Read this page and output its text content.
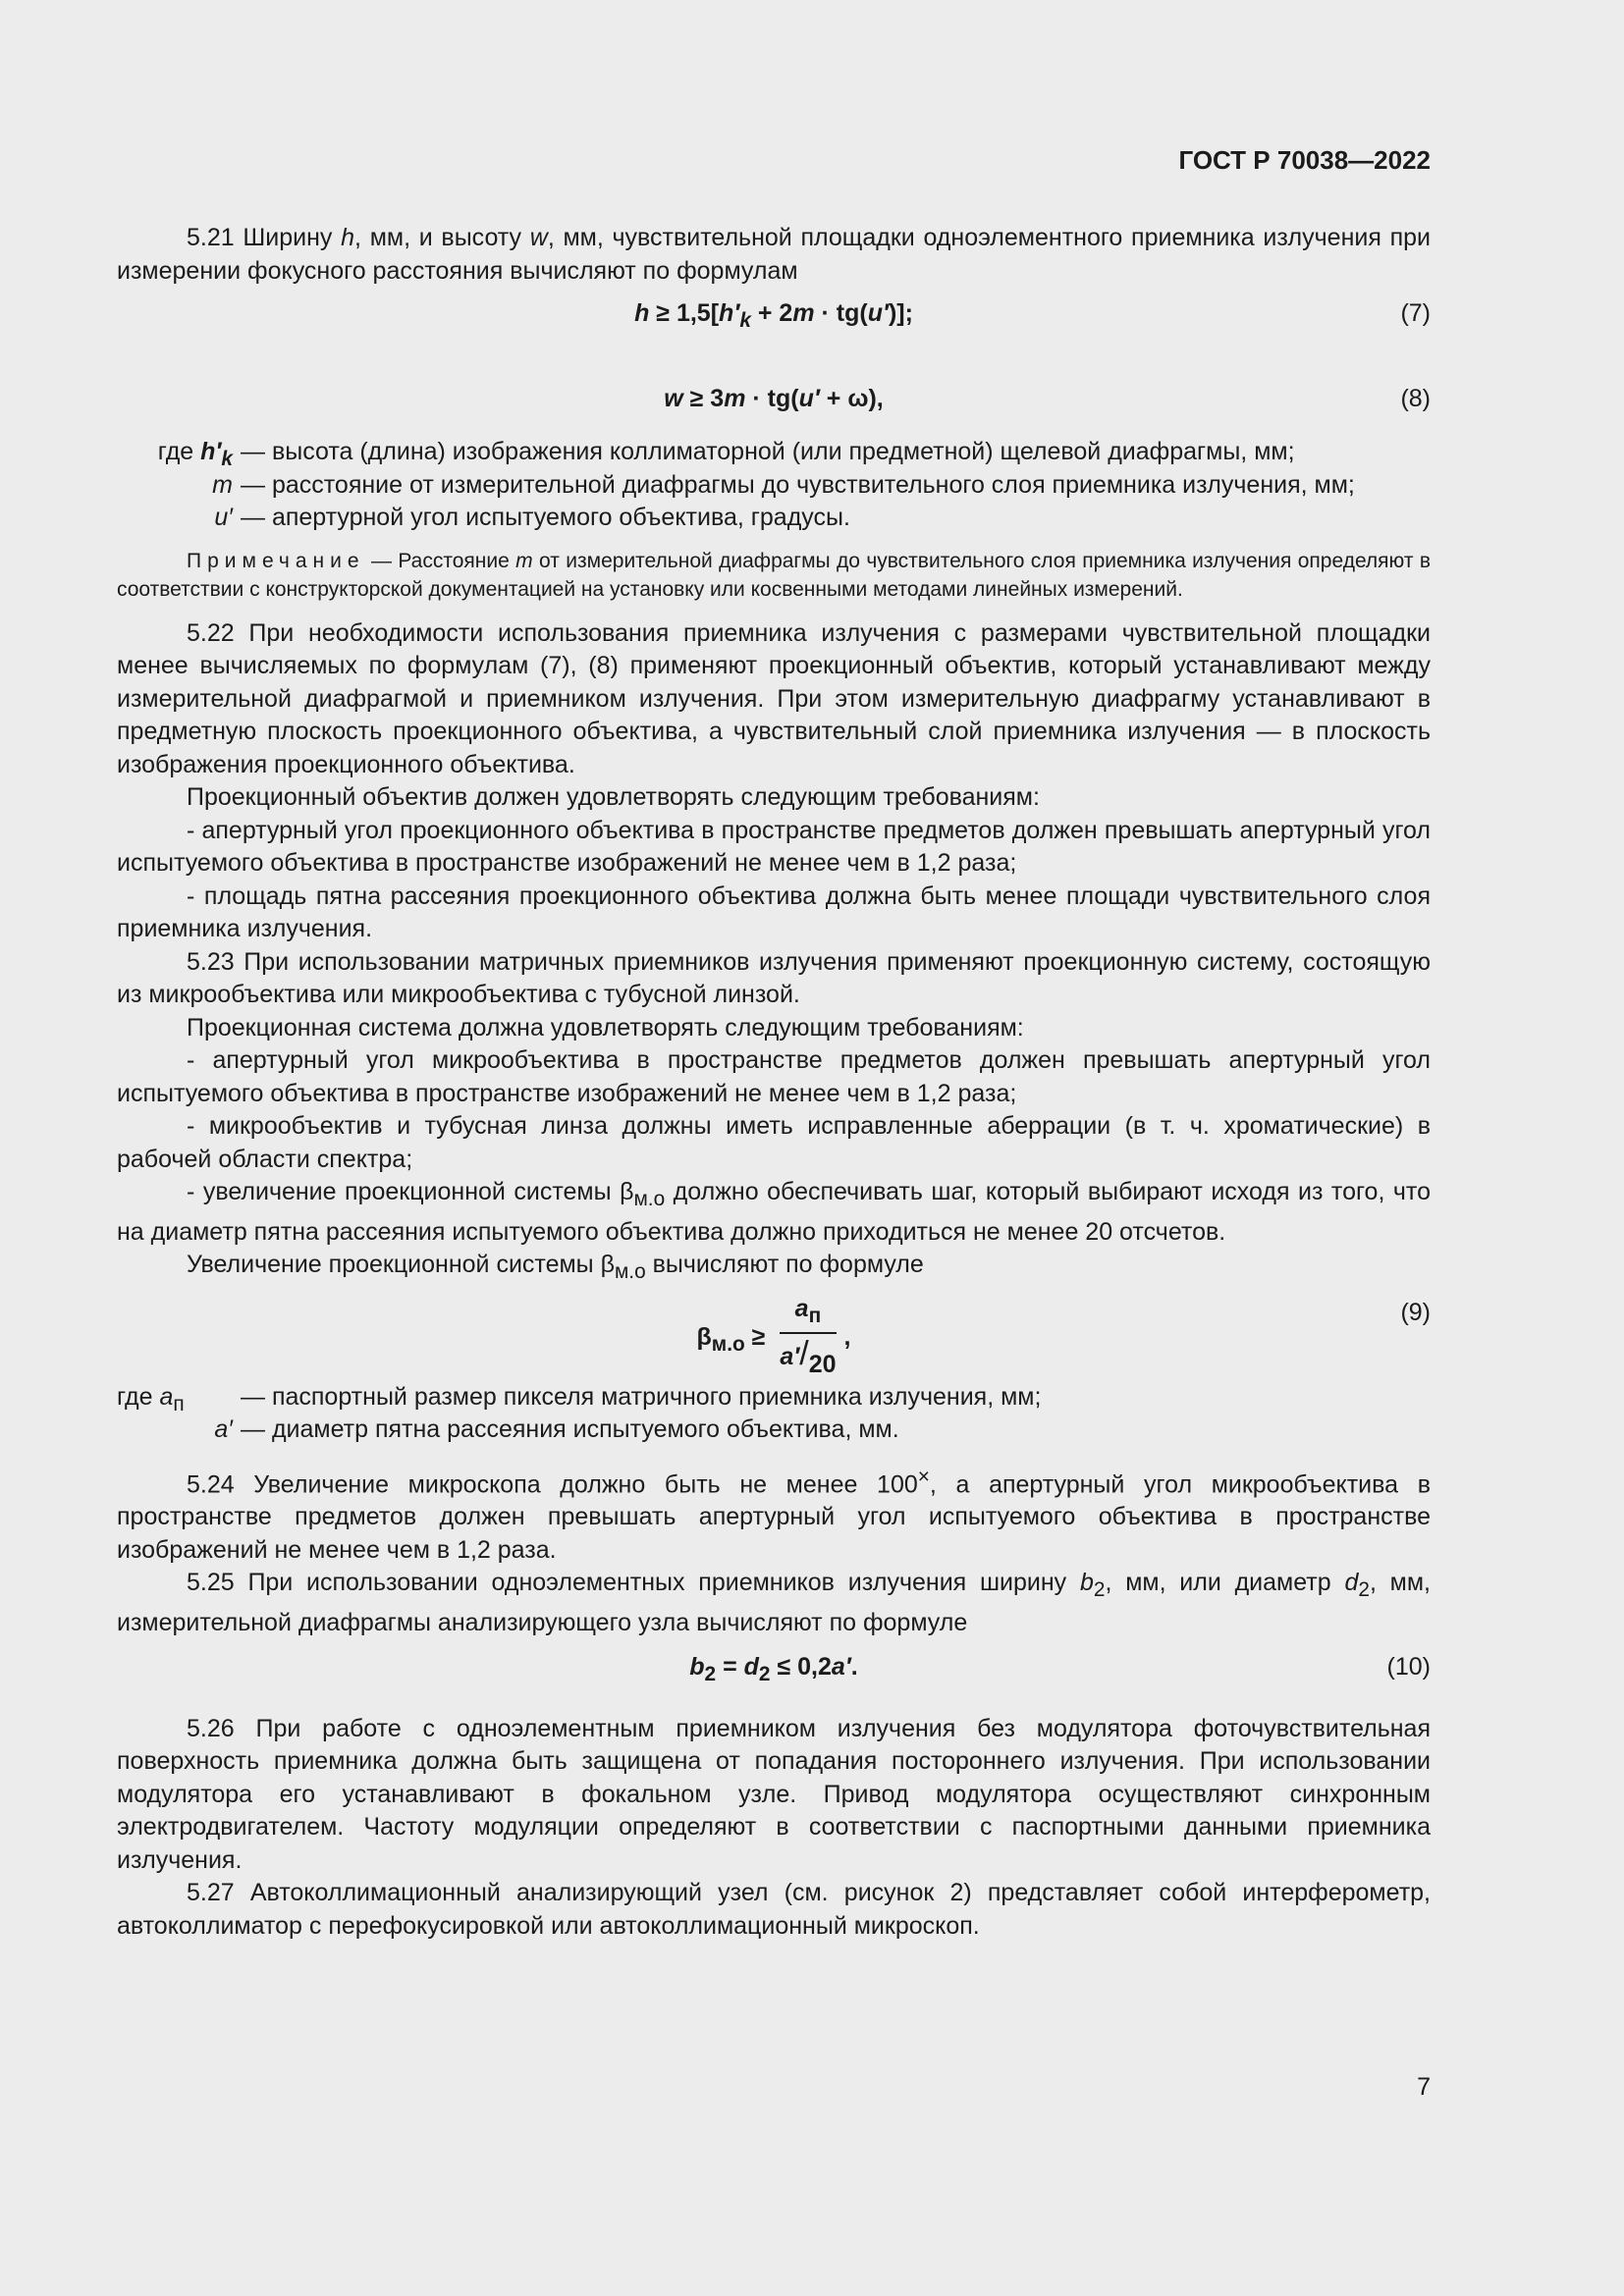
ГОСТ Р 70038—2022

5.21 Ширину h, мм, и высоту w, мм, чувствительной площадки одноэлементного приемника излучения при измерении фокусного расстояния вычисляют по формулам

$h \ge 1,5[h'_k + 2m \cdot tg(u')]$;	(7)
w ≥ 3m · tg(u′ + ω),	(8)
где $h'_k$ — высота (длина) изображения коллиматорной (или предметной) щелевой диафрагмы, мм;
m — расстояние от измерительной диафрагмы до чувствительного слоя приемника излучения, мм;
u′ — апертурной угол испытуемого объектива, градусы.

Примечание — Расстояние m от измерительной диафрагмы до чувствительного слоя приемника излучения определяют в соответствии с конструкторской документацией на установку или косвенными методами линейных измерений.

5.22 При необходимости использования приемника излучения с размерами чувствительной площадки менее вычисляемых по формулам (7), (8) применяют проекционный объектив, который устанавливают между измерительной диафрагмой и приемником излучения. При этом измерительную диафрагму устанавливают в предметную плоскость проекционного объектива, а чувствительный слой приемника излучения — в плоскость изображения проекционного объектива.

Проекционный объектив должен удовлетворять следующим требованиям:

- апертурный угол проекционного объектива в пространстве предметов должен превышать апертурный угол испытуемого объектива в пространстве изображений не менее чем в 1,2 раза;

- площадь пятна рассеяния проекционного объектива должна быть менее площади чувствительного слоя приемника излучения.

5.23 При использовании матричных приемников излучения применяют проекционную систему, состоящую из микрообъектива или микрообъектива с тубусной линзой.

Проекционная система должна удовлетворять следующим требованиям:

- апертурный угол микрообъектива в пространстве предметов должен превышать апертурный угол испытуемого объектива в пространстве изображений не менее чем в 1,2 раза;

- микрообъектив и тубусная линза должны иметь исправленные аберрации (в т. ч. хроматические) в рабочей области спектра;

- увеличение проекционной системы $\beta_{м.о}$ должно обеспечивать шаг, который выбирают исходя из того, что на диаметр пятна рассеяния испытуемого объектива должно приходиться не менее 20 отсчетов.

Увеличение проекционной системы $\beta_{м.о}$ вычисляют по формуле

$\beta_{м.о} \ge \frac{a_п}{a'/20}$ ,
(9)
где $a_п$	— паспортный размер пикселя матричного приемника излучения, мм;
a′ — диаметр пятна рассеяния испытуемого объектива, мм.

5.24 Увеличение микроскопа должно быть не менее 100×, а апертурный угол микрообъектива в пространстве предметов должен превышать апертурный угол испытуемого объектива в пространстве изображений не менее чем в 1,2 раза.

5.25 При использовании одноэлементных приемников излучения ширину $b_2$, мм, или диаметр $d_2$, мм, измерительной диафрагмы анализирующего узла вычисляют по формуле

$b_2 = d_2 \le 0,2a'$.	(10)

5.26 При работе с одноэлементным приемником излучения без модулятора фоточувствительная поверхность приемника должна быть защищена от попадания постороннего излучения. При использовании модулятора его устанавливают в фокальном узле. Привод модулятора осуществляют синхронным электродвигателем. Частоту модуляции определяют в соответствии с паспортными данными приемника излучения.

5.27 Автоколлимационный анализирующий узел (см. рисунок 2) представляет собой интерферометр, автоколлиматор с перефокусировкой или автоколлимационный микроскоп.

7
